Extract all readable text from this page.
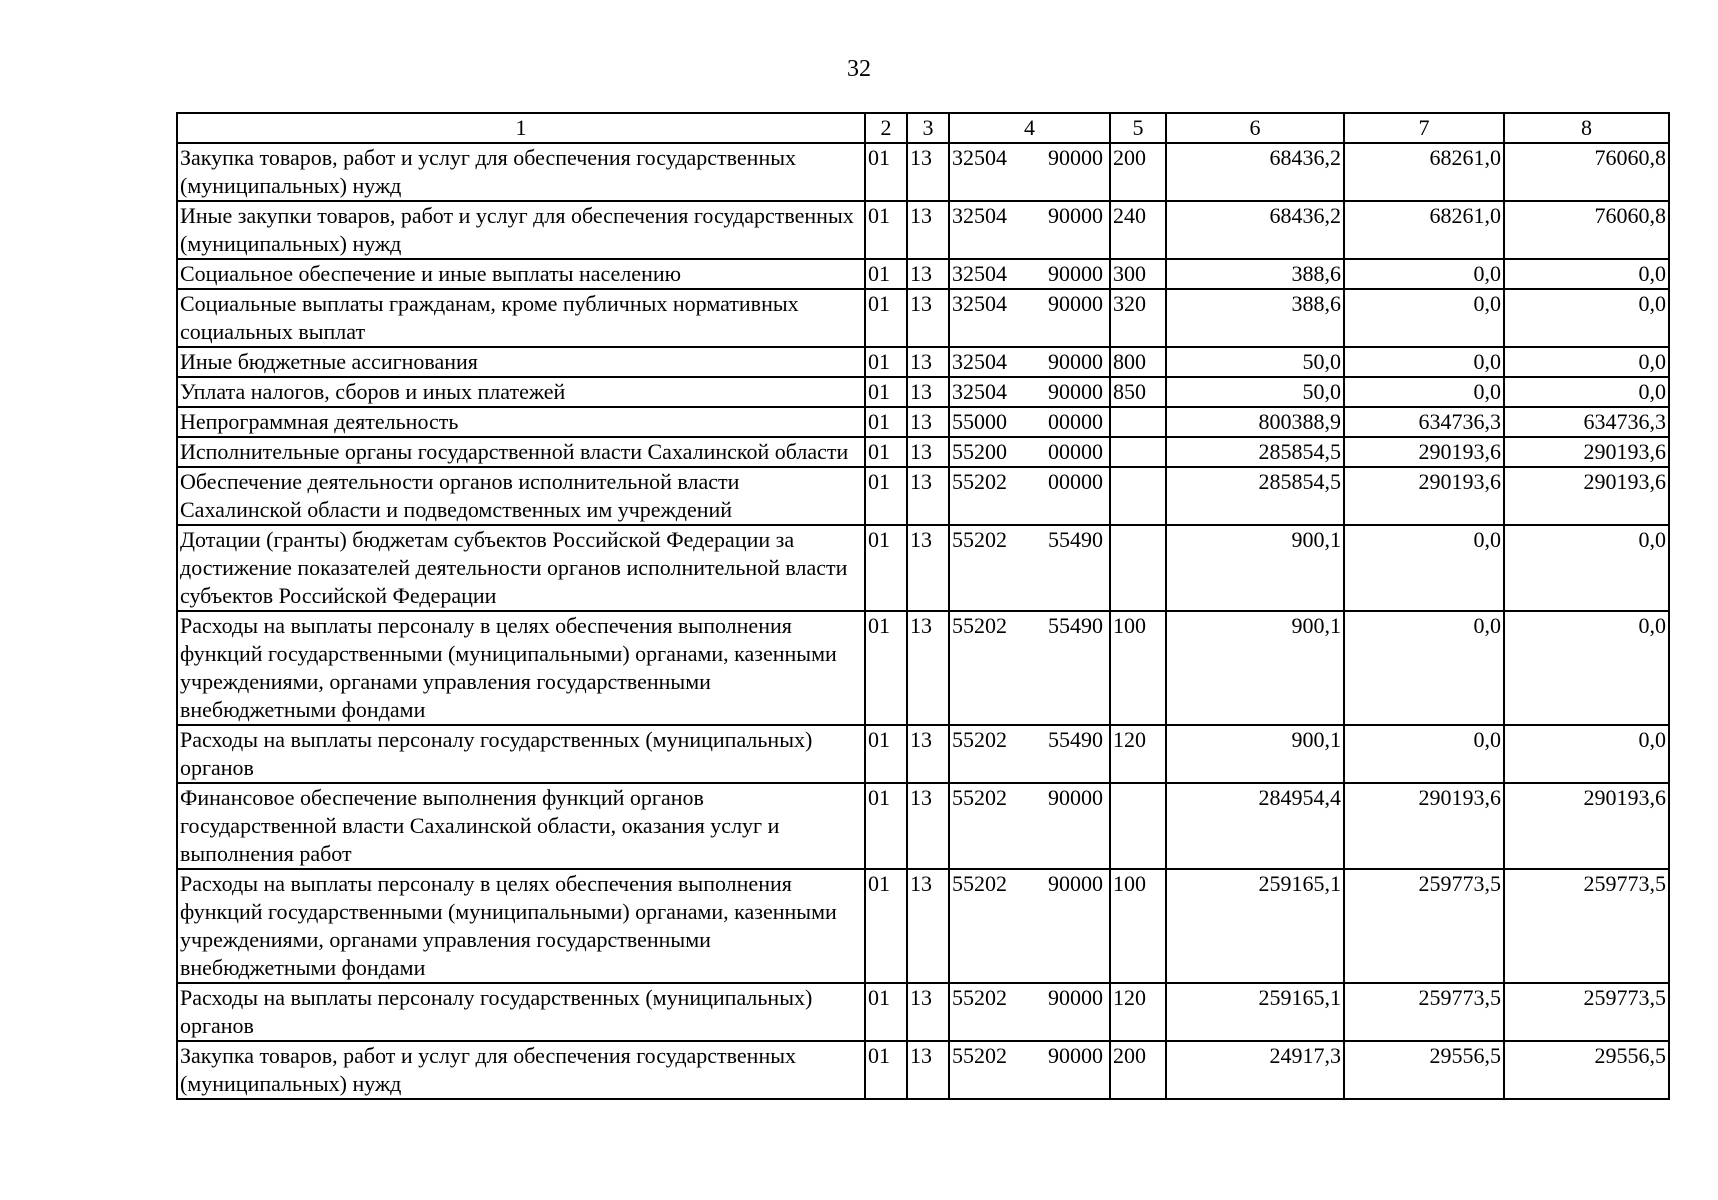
32
1	2	3	4	5	6	7	8
Закупка товаров, работ и услуг для обеспечения государственных (муниципальных) нужд	01	13	32504 90000	200	68436,2	68261,0	76060,8
Иные закупки товаров, работ и услуг для обеспечения государственных (муниципальных) нужд	01	13	32504 90000	240	68436,2	68261,0	76060,8
Социальное обеспечение и иные выплаты населению	01	13	32504 90000	300	388,6	0,0	0,0
Социальные выплаты гражданам, кроме публичных нормативных социальных выплат	01	13	32504 90000	320	388,6	0,0	0,0
Иные бюджетные ассигнования	01	13	32504 90000	800	50,0	0,0	0,0
Уплата налогов, сборов и иных платежей	01	13	32504 90000	850	50,0	0,0	0,0
Непрограммная деятельность	01	13	55000 00000		800388,9	634736,3	634736,3
Исполнительные органы государственной власти Сахалинской области	01	13	55200 00000		285854,5	290193,6	290193,6
Обеспечение деятельности органов исполнительной власти Сахалинской области и подведомственных им учреждений	01	13	55202 00000		285854,5	290193,6	290193,6
Дотации (гранты) бюджетам субъектов Российской Федерации за достижение показателей деятельности органов исполнительной власти субъектов Российской Федерации	01	13	55202 55490		900,1	0,0	0,0
Расходы на выплаты персоналу в целях обеспечения выполнения функций государственными (муниципальными) органами, казенными учреждениями, органами управления государственными внебюджетными фондами	01	13	55202 55490	100	900,1	0,0	0,0
Расходы на выплаты персоналу государственных (муниципальных) органов	01	13	55202 55490	120	900,1	0,0	0,0
Финансовое обеспечение выполнения функций органов государственной власти Сахалинской области, оказания услуг и выполнения работ	01	13	55202 90000		284954,4	290193,6	290193,6
Расходы на выплаты персоналу в целях обеспечения выполнения функций государственными (муниципальными) органами, казенными учреждениями, органами управления государственными внебюджетными фондами	01	13	55202 90000	100	259165,1	259773,5	259773,5
Расходы на выплаты персоналу государственных (муниципальных) органов	01	13	55202 90000	120	259165,1	259773,5	259773,5
Закупка товаров, работ и услуг для обеспечения государственных (муниципальных) нужд	01	13	55202 90000	200	24917,3	29556,5	29556,5
